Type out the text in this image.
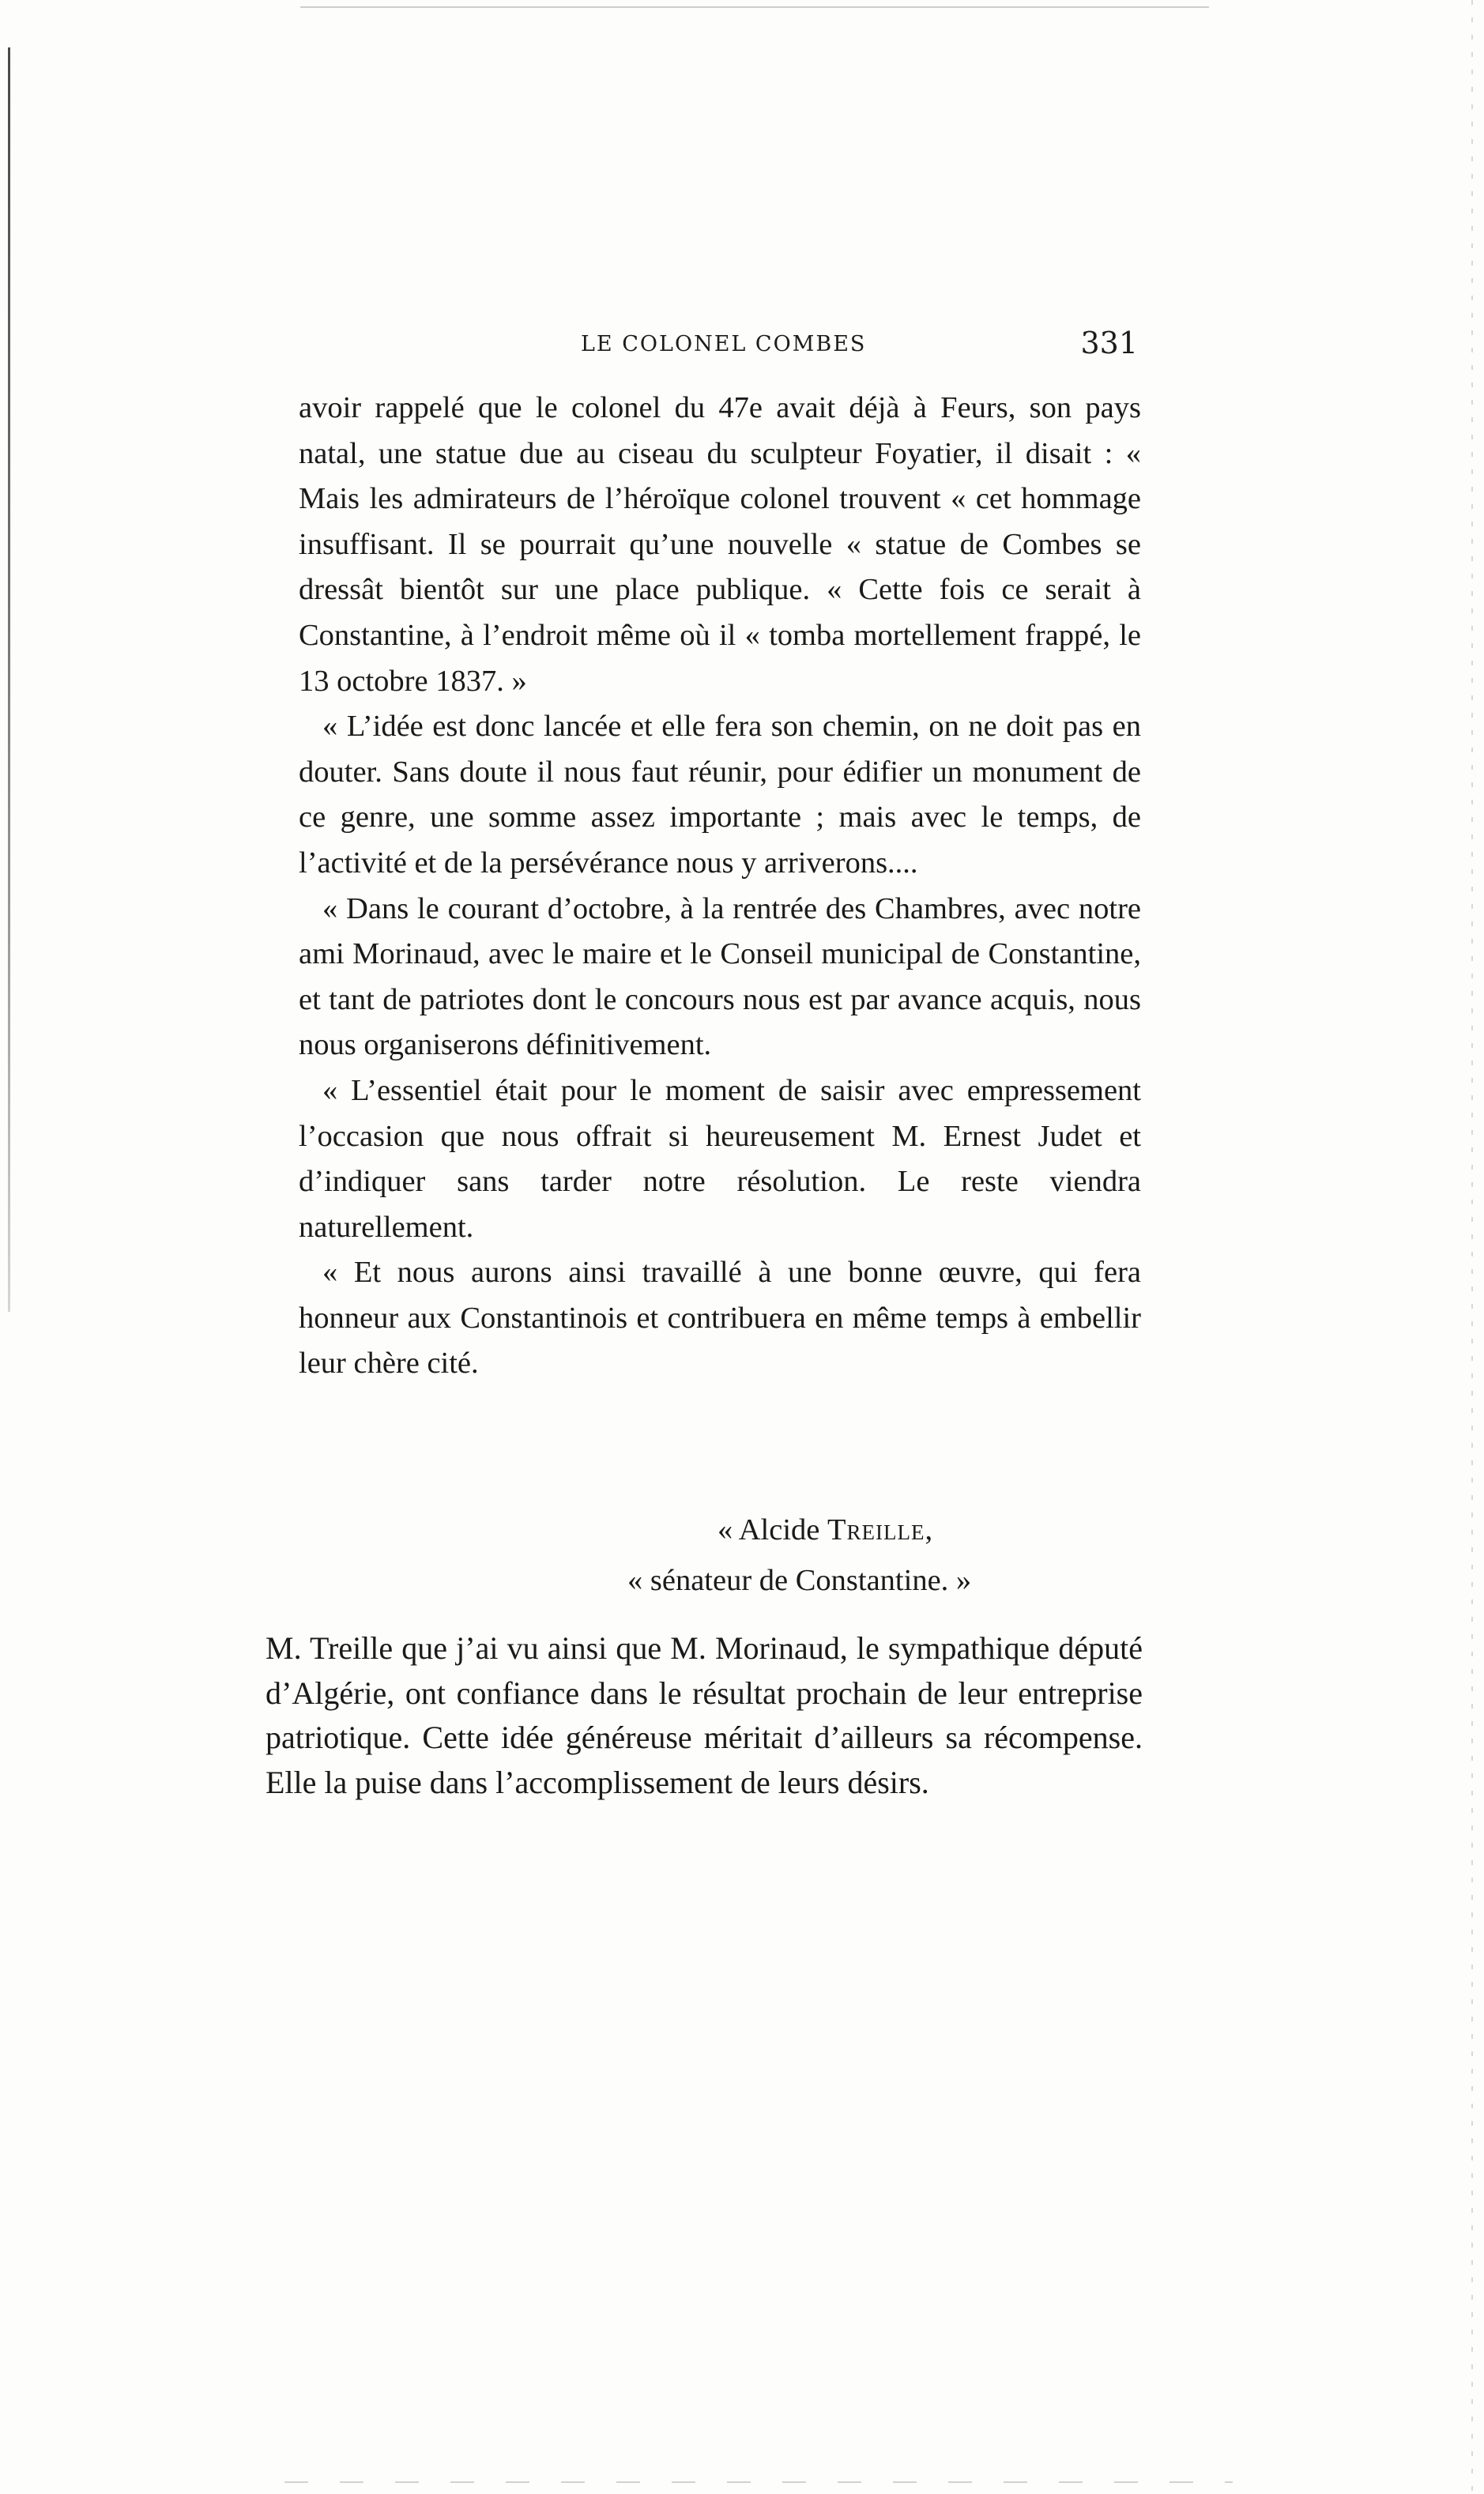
LE COLONEL COMBES	331

avoir rappelé que le colonel du 47e avait déjà à Feurs, son pays natal, une statue due au ciseau du sculpteur Foyatier, il disait : « Mais les admirateurs de l’héroïque colonel trouvent « cet hommage insuffisant. Il se pourrait qu’une nouvelle « statue de Combes se dressât bientôt sur une place publique. « Cette fois ce serait à Constantine, à l’endroit même où il « tomba mortellement frappé, le 13 octobre 1837. »

« L’idée est donc lancée et elle fera son chemin, on ne doit pas en douter. Sans doute il nous faut réunir, pour édifier un monument de ce genre, une somme assez importante ; mais avec le temps, de l’activité et de la persévérance nous y arriverons....

« Dans le courant d’octobre, à la rentrée des Chambres, avec notre ami Morinaud, avec le maire et le Conseil municipal de Constantine, et tant de patriotes dont le concours nous est par avance acquis, nous nous organiserons définitivement.

« L’essentiel était pour le moment de saisir avec empressement l’occasion que nous offrait si heureusement M. Ernest Judet et d’indiquer sans tarder notre résolution. Le reste viendra naturellement.

« Et nous aurons ainsi travaillé à une bonne œuvre, qui fera honneur aux Constantinois et contribuera en même temps à embellir leur chère cité.

« Alcide Treille,
« sénateur de Constantine. »

M. Treille que j’ai vu ainsi que M. Morinaud, le sympathique député d’Algérie, ont confiance dans le résultat prochain de leur entreprise patriotique. Cette idée généreuse méritait d’ailleurs sa récompense. Elle la puise dans l’accomplissement de leurs désirs.
